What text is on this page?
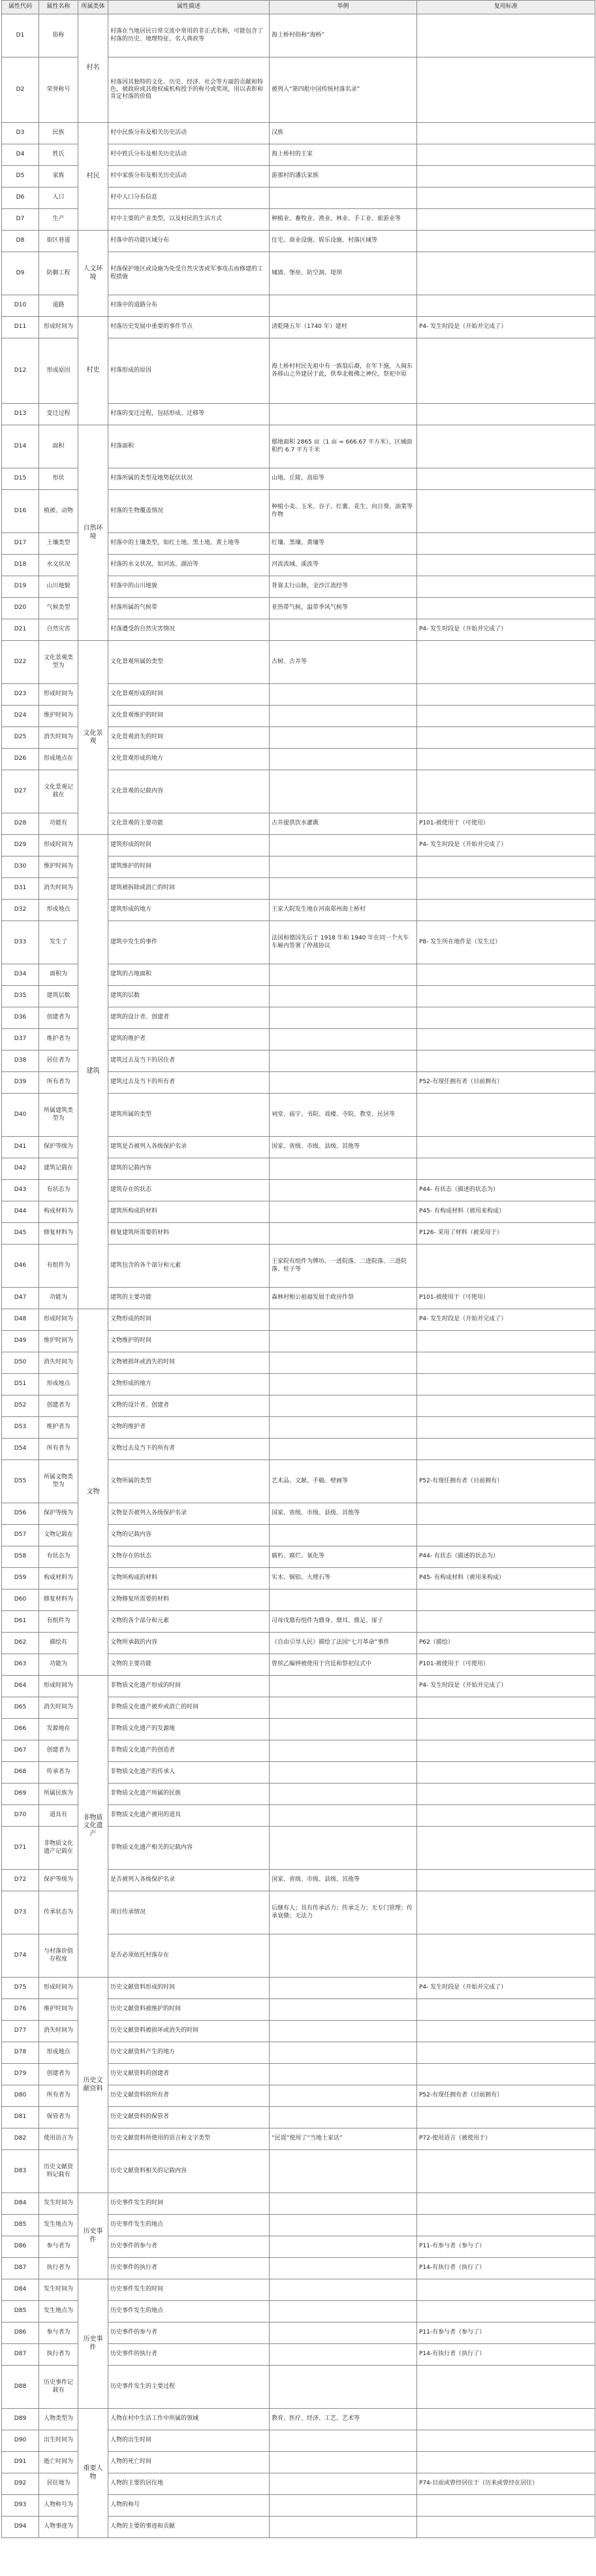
属性代码	属性名称	所属类体	属性描述	举例	复用标准
D1	俗称	村名	村落在当地居民日常交流中常用的非正式名称，可能包含了村落的历史、地理特征、名人典故等	海上桥村俗称“海桥”	
D2	荣誉称号		村落因其独特的文化、历史、经济、社会等方面的贡献和特色，被政府或其他权威机构授予的称号或奖项，用以表彰和肯定村落的价值	被列入“第四批中国传统村落名录”	
D3	民族	村民	村中民族分布及相关历史活动	汉族	
D4	姓氏		村中姓氏分布及相关历史活动	海上桥村的王家	
D5	家族		村中家族分布及相关历史活动	游那村的潘氏家族	
D6	人口		村中人口分布信息		
D7	生产		村中主要的产业类型，以及村民的生活方式	种植业、畜牧业、渔业、林业、手工业、旅游业等	
D8	街区巷道	人文环境	村落中的功能区域分布	住宅、商业设施、娱乐设施、村落区域等	
D9	防御工程		村落保护地区或设施为免受自然灾害或军事攻击而修建的工程措施	城墙、堡垒、防空洞、堤坝	
D10	道路		村落中的道路分布		
D11	形成时间为	村史	村落历史发展中重要的事件节点	清乾隆五年（1740 年）建村	P4- 发生时段是（开始并完成了）
D12	形成原因		村落形成的原因	海上桥村村民先祖中有一族翁后裔，在年下施，入闽东各移山之外建居于此，供奉北极佛之神位，祭祀中原	
D13	变迁过程		村落的变迁过程，包括形成、迁移等		
D14	面积	自然环境	村落面积	鄢地面积 2865 亩（1 亩 = 666.67 平方米），区域面积约 6.7 平方千米	
D15	形状		村落所属的类型及地势起伏状况	山地、丘陵、高原等	
D16	植被、动物		村落的生物覆盖情况	种植小麦、玉米、谷子、红薯、花生、向日葵、油菜等作物	
D17	土壤类型		村落中的土壤类型，如红土地、黑土地、黄土地等	红壤、黑壤、黄壤等	
D18	水文状况		村落的水文状况，如河流、湖泊等	河流流域、溪流等	
D19	山川地貌		村落中的山川地貌	背靠太行山脉，金沙江流经等	
D20	气候类型		村落所属的气候带	亚热带气候，温带季风气候等	
D21	自然灾害		村落遭受的自然灾害情况		P4- 发生时段是（开始并完成了）
D22	文化景观类型为	文化景观	文化景观所属的类型	古树、古井等	
D23	形成时间为		文化景观形成的时间		
D24	维护时间为		文化景观维护的时间		
D25	消失时间为		文化景观消失的时间		
D26	形成地点在		文化景观形成的地方		
D27	文化景观记载在		文化景观的记载内容		
D28	功能有		文化景观的主要功能	古井提供饮水灌溉	P101-被使用于（可使用）
D29	形成时间为	建筑	建筑形成的时间		P4- 发生时段是（开始并完成了）
D30	维护时间为		建筑维护的时间		
D31	消失时间为		建筑被拆除或消亡的时间		
D32	形成地点		建筑形成的地方	王家大院发生地在河南郑州海上桥村	
D33	发生了		建筑中发生的事件	法国和德国先后于 1918 年和 1940 年在同一个火车车厢内签署了停战协议	P8- 发生所在地件是（发生过）
D34	面积为		建筑的占地面积		
D35	建筑层数		建筑的层数		
D36	创建者为		建筑的设计者、创建者		
D37	维护者为		建筑的维护者		
D38	居住者为		建筑过去及当下的居住者		
D39	所有者为		建筑过去及当下的所有者		P52-有现任拥有者（目前拥有）
D40	所属建筑类型为		建筑所属的类型	祠堂、庙宇、书院、戏楼、寺院、教堂、民居等	
D41	保护等级为		建筑是否被列入各级保护名录	国家、省级、市级、县级、其他等	
D42	建筑记载在		建筑的记载内容		
D43	有状态为		建筑存在的状态		P44- 有状态（描述的状态为）
D44	构成材料为		建筑所构成的材料		P45- 有构成材料（被用来构成）
D45	修复材料为		修复建筑所需要的材料		P126- 采用了材料（被采用于）
D46	有组件为		建筑包含的各个部分和元素	王家院有组件为牌坊、一进院落、二进院落、三进院落、柱子等	
D47	功能为		建筑的主要功能	森林村相公祖福发展于政房作祭	P101-被使用于（可使用）
D48	形成时间为	文物	文物形成的时间		P4- 发生时段是（开始并完成了）
D49	维护时间为		文物维护的时间		
D50	消失时间为		文物被损坏或消失的时间		
D51	形成地点		文物形成的地方		
D52	创建者为		文物的设计者、创建者		
D53	维护者为		文物的维护者		
D54	所有者为		文物过去及当下的所有者		
D55	所属文物类型为		文物所属的类型	艺术品、文献、手稿、壁画等	P52-有现任拥有者（目前拥有）
D56	保护等级为		文物是否被列入各级保护名录	国家、省级、市级、县级、其他等	
D57	文物记载在		文物的记载内容		
D58	有状态为		文物存在的状态	腐朽、腐烂、氧化等	P44- 有状态（描述的状态为）
D59	构成材料为		文物所构成的材料	实木、铜铝、大理石等	P45- 有构成材料（被用来构成）
D60	修复材料为		文物修复所需要的材料		
D61	有组件为		文物的各个部分和元素	司母戊鼎有组件为鼎身、鼎耳、鼎足、扉子	
D62	描绘有		文物所承载的内容	《自由引导人民》描绘了法国“七月革命”事件	P62（描绘）
D63	功能为		文物的主要功能	曾侯乙编钟被使用于宫廷和祭祀仪式中	P101-被使用于（可使用）
D64	形成时间为	非物质文化遗产	非物质文化遗产形成的时间		P4- 发生时段是（开始并完成了）
D65	消失时间为		非物质文化遗产被弃或消亡的时间		
D66	发源地在		非物质文化遗产的发源地		
D67	创建者为		非物质文化遗产的创造者		
D68	传承者为		非物质文化遗产的传承人		
D69	所属民族为		非物质文化遗产所属的民族		
D70	道具有		非物质文化遗产被用的道具		
D71	非物质文化遗产记载在		非物质文化遗产相关的记载内容		
D72	保护等级为		是否被列入各级保护名录	国家、省级、市级、县级、其他等	
D73	传承状态为		项目传承情况	后继有人；具有传承活力；传承乏力；无专门管理；传承衰微；无法力	
D74	与村落价值存程度		是否必须依托村落存在		
D75	形成时间为	历史文献资料	历史文献资料形成的时间		P4- 发生时段是（开始并完成了）
D76	维护时间为		历史文献资料被维护的时间		
D77	消失时间为		历史文献资料被损坏或消失的时间		
D78	形成地点		历史文献资料产生的地方		
D79	创建者为		历史文献资料的创建者		
D80	所有者为		历史文献资料的所有者		P52-有现任拥有者（目前拥有）
D81	保管者为		历史文献资料的保管者		
D82	使用语言为		历史文献资料所使用的语言和文字类型	“民谣”使用了“当地土家话”	P72-使用语言（被使用于）
D83	历史文献资料记载有		历史文献资料相关的记载内容		
D84	发生时间为	历史事件	历史事件发生的时间		
D85	发生地点为		历史事件发生的地点		
D86	参与者为		历史事件的参与者		P11-有参与者（参与了）
D87	执行者为		历史事件的执行者		P14-有执行者（执行了）
D84	发生时间为	历史事件	历史事件发生的时间		
D85	发生地点为		历史事件发生的地点		
D86	参与者为		历史事件的参与者		P11-有参与者（参与了）
D87	执行者为		历史事件的执行者		P14-有执行者（执行了）
D88	历史事件记载有		历史事件发生的主要过程		
D89	人物类型为	重要人物	人物在村中生活工作中所属的领域	教育、医疗、经济、工艺、艺术等	
D90	出生时间为		人物的出生时间		
D91	逝亡时间为		人物的死亡时间		
D92	居住地为		人物的主要的居住地		P74-目前或曾经居住于（历来或曾经在居住）
D93	人物称号为		人物的称号		
D94	人物事迹为		人物的主要的事迹和贡献		
